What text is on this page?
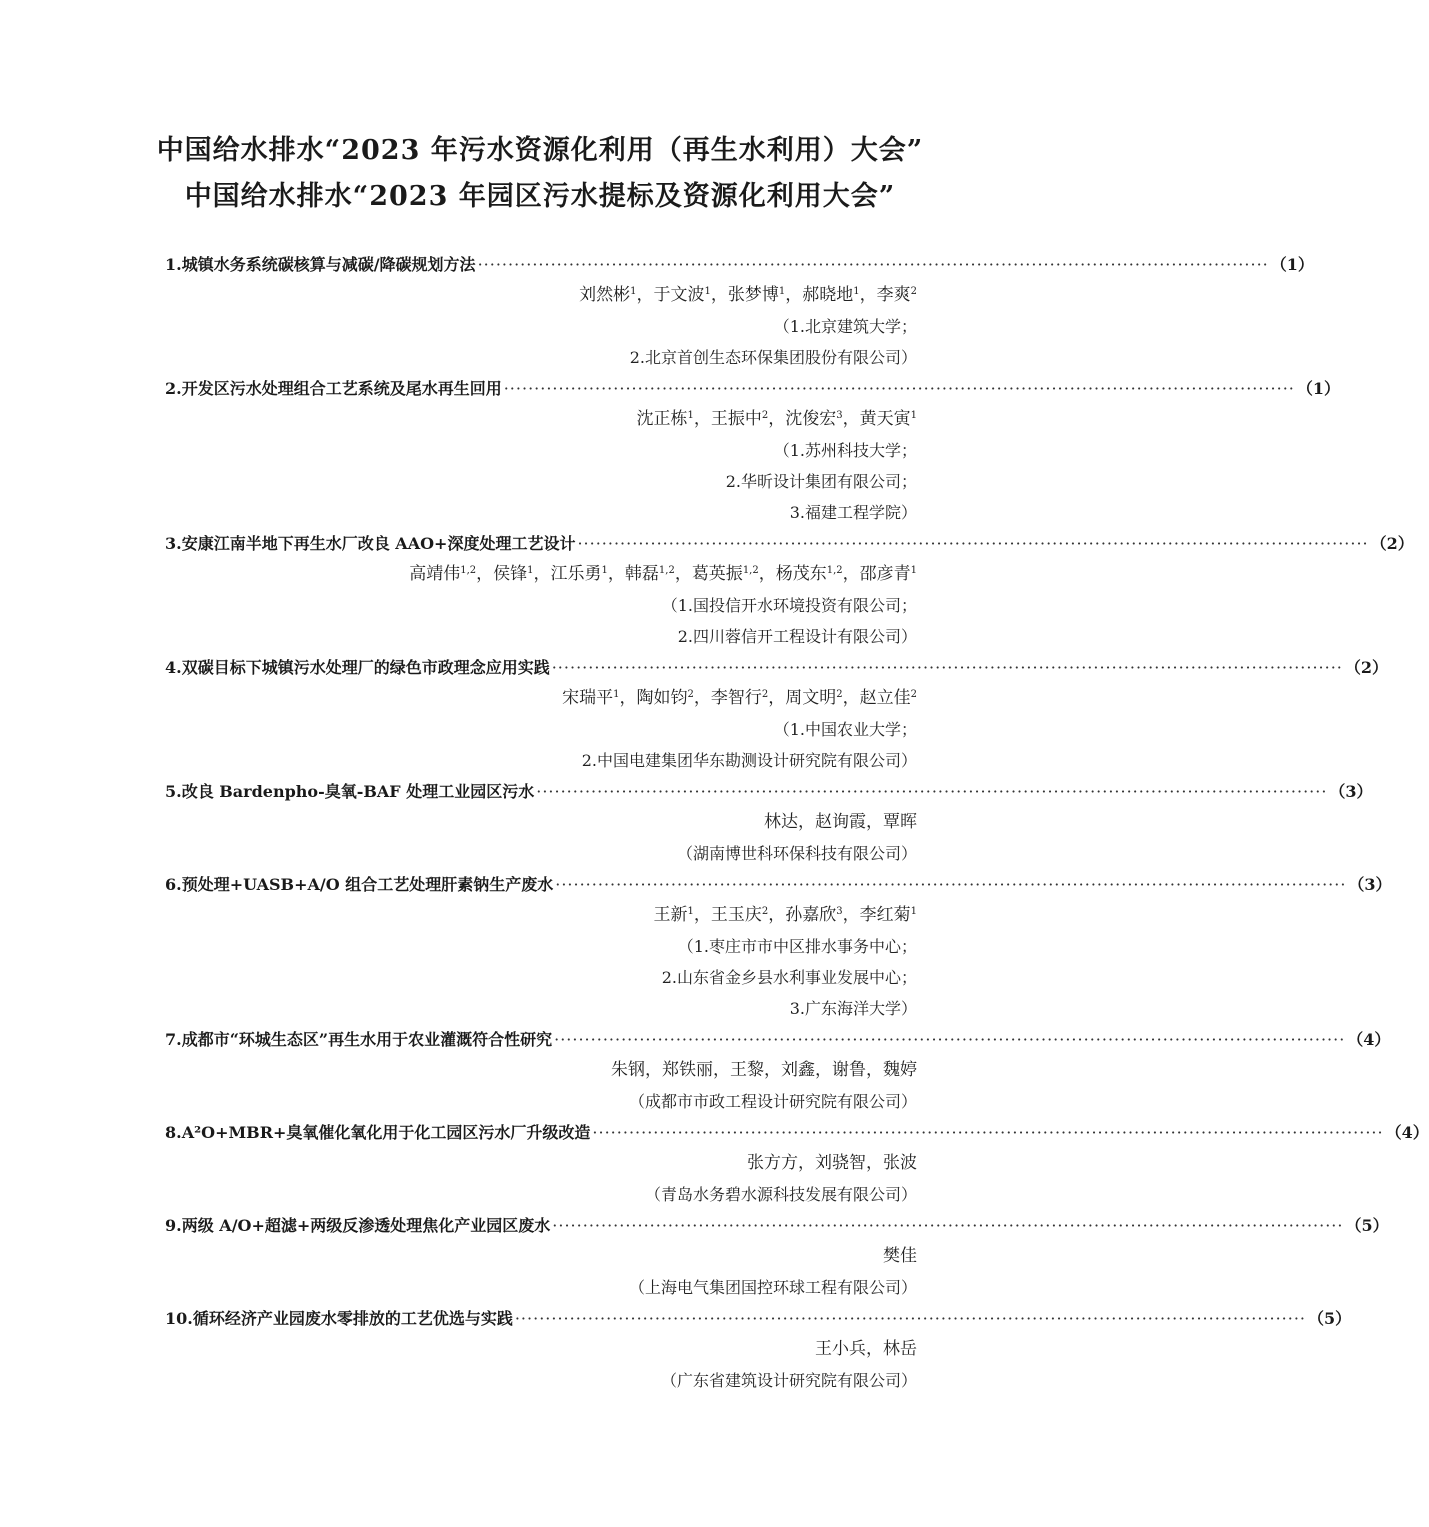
中国给水排水“2023 年污水资源化利用（再生水利用）大会”
中国给水排水“2023 年园区污水提标及资源化利用大会”
1.城镇水务系统碳核算与减碳/降碳规划方法 ·································································································································· （1）
刘然彬$^1$，于文波$^1$，张梦博$^1$，郝晓地$^1$，李爽$^2$
（1.北京建筑大学；
2.北京首创生态环保集团股份有限公司）
2.开发区污水处理组合工艺系统及尾水再生回用 ·································································································································· （1）
沈正栋$^1$，王振中$^2$，沈俊宏$^3$，黄天寅$^1$
（1.苏州科技大学；
2.华昕设计集团有限公司；
3.福建工程学院）
3.安康江南半地下再生水厂改良 AAO+深度处理工艺设计 ·································································································································· （2）
高靖伟$^{1,2}$，侯锋$^1$，江乐勇$^1$，韩磊$^{1,2}$，葛英振$^{1,2}$，杨茂东$^{1,2}$，邵彦青$^1$
（1.国投信开水环境投资有限公司；
2.四川蓉信开工程设计有限公司）
4.双碳目标下城镇污水处理厂的绿色市政理念应用实践 ·································································································································· （2）
宋瑞平$^1$，陶如钧$^2$，李智行$^2$，周文明$^2$，赵立佳$^2$
（1.中国农业大学；
2.中国电建集团华东勘测设计研究院有限公司）
5.改良 Bardenpho-臭氧-BAF 处理工业园区污水 ·································································································································· （3）
林达，赵询霞，覃晖
（湖南博世科环保科技有限公司）
6.预处理+UASB+A/O 组合工艺处理肝素钠生产废水 ·································································································································· （3）
王新$^1$，王玉庆$^2$，孙嘉欣$^3$，李红菊$^1$
（1.枣庄市市中区排水事务中心；
2.山东省金乡县水利事业发展中心；
3.广东海洋大学）
7.成都市“环城生态区”再生水用于农业灌溉符合性研究 ·································································································································· （4）
朱钢，郑铁丽，王黎，刘鑫，谢鲁，魏婷
（成都市市政工程设计研究院有限公司）
8.A²O+MBR+臭氧催化氧化用于化工园区污水厂升级改造 ·································································································································· （4）
张方方，刘骁智，张波
（青岛水务碧水源科技发展有限公司）
9.两级 A/O+超滤+两级反渗透处理焦化产业园区废水 ·································································································································· （5）
樊佳
（上海电气集团国控环球工程有限公司）
10.循环经济产业园废水零排放的工艺优选与实践 ·································································································································· （5）
王小兵，林岳
（广东省建筑设计研究院有限公司）
